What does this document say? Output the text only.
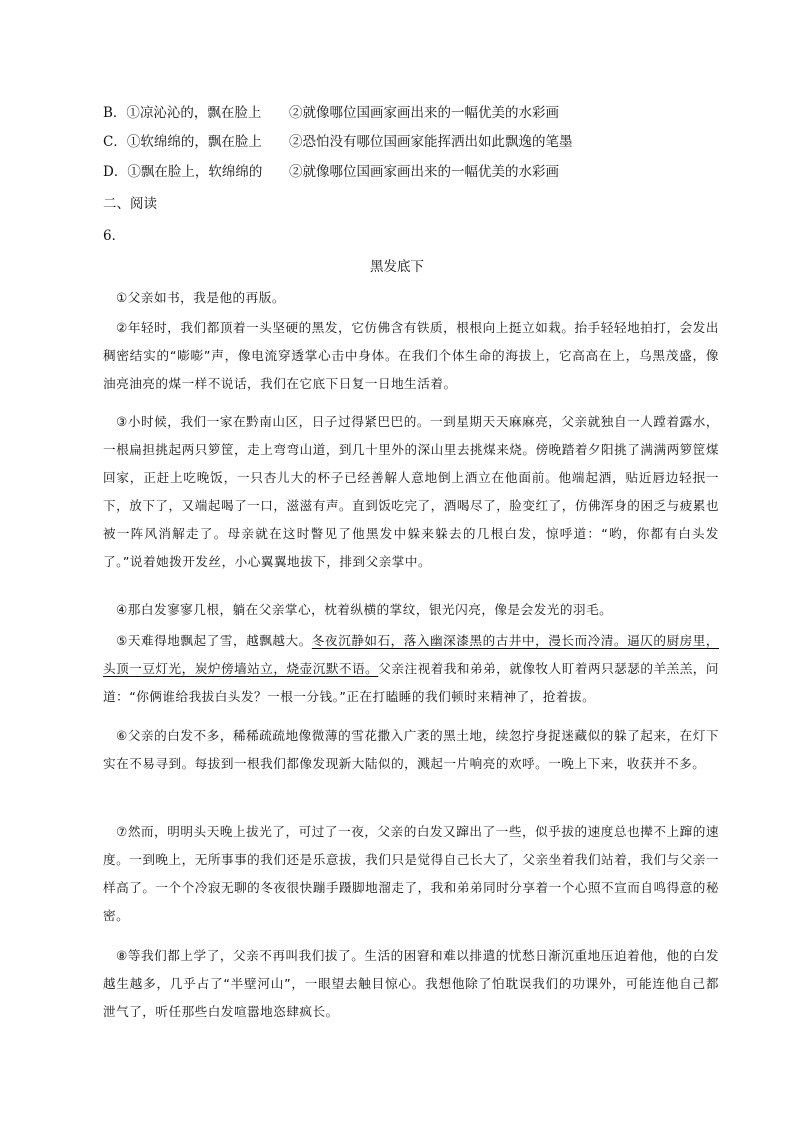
B．①凉沁沁的，飘在脸上 ②就像哪位国画家画出来的一幅优美的水彩画
C．①软绵绵的，飘在脸上 ②恐怕没有哪位国画家能挥洒出如此飘逸的笔墨
D．①飘在脸上，软绵绵的 ②就像哪位国画家画出来的一幅优美的水彩画
二、阅读
6．
黑发底下
①父亲如书，我是他的再版。
②年轻时，我们都顶着一头坚硬的黑发，它仿佛含有铁质，根根向上挺立如栽。抬手轻轻地拍打，会发出稠密结实的“嘭嘭”声，像电流穿透掌心击中身体。在我们个体生命的海拔上，它高高在上，乌黑茂盛，像油亮油亮的煤一样不说话，我们在它底下日复一日地生活着。
③小时候，我们一家在黔南山区，日子过得紧巴巴的。一到星期天天麻麻亮，父亲就独自一人蹚着露水，一根扁担挑起两只箩筐，走上弯弯山道，到几十里外的深山里去挑煤来烧。傍晚踏着夕阳挑了满满两箩筐煤回家，正赶上吃晚饭，一只杏儿大的杯子已经善解人意地倒上酒立在他面前。他端起酒，贴近唇边轻抿一下，放下了，又端起喝了一口，滋滋有声。直到饭吃完了，酒喝尽了，脸变红了，仿佛浑身的困乏与疲累也被一阵风消解走了。母亲就在这时瞥见了他黑发中躲来躲去的几根白发，惊呼道：“哟，你都有白头发了。”说着她拨开发丝，小心翼翼地拔下，排到父亲掌中。
④那白发寥寥几根，躺在父亲掌心，枕着纵横的掌纹，银光闪亮，像是会发光的羽毛。
⑤天难得地飘起了雪，越飘越大。冬夜沉静如石，落入幽深漆黑的古井中，漫长而冷清。逼仄的厨房里，头顶一豆灯光，炭炉傍墙站立，烧壶沉默不语。父亲注视着我和弟弟，就像牧人盯着两只瑟瑟的羊羔羔，问道：“你俩谁给我拔白头发？一根一分钱。”正在打瞌睡的我们顿时来精神了，抢着拔。
⑥父亲的白发不多，稀稀疏疏地像微薄的雪花撒入广袤的黑土地，续忽拧身捉迷藏似的躲了起来，在灯下实在不易寻到。每拔到一根我们都像发现新大陆似的，溅起一片响亮的欢呼。一晚上下来，收获并不多。
⑦然而，明明头天晚上拔光了，可过了一夜，父亲的白发又蹿出了一些，似乎拔的速度总也撵不上蹿的速度。一到晚上，无所事事的我们还是乐意拔，我们只是觉得自己长大了，父亲坐着我们站着，我们与父亲一样高了。一个个冷寂无聊的冬夜很快蹦手蹑脚地溜走了，我和弟弟同时分享着一个心照不宣而自鸣得意的秘密。
⑧等我们都上学了，父亲不再叫我们拔了。生活的困窘和难以排遣的忧愁日渐沉重地压迫着他，他的白发越生越多，几乎占了“半壁河山”，一眼望去触目惊心。我想他除了怕耽误我们的功课外，可能连他自己都泄气了，听任那些白发喧嚣地恣肆疯长。
